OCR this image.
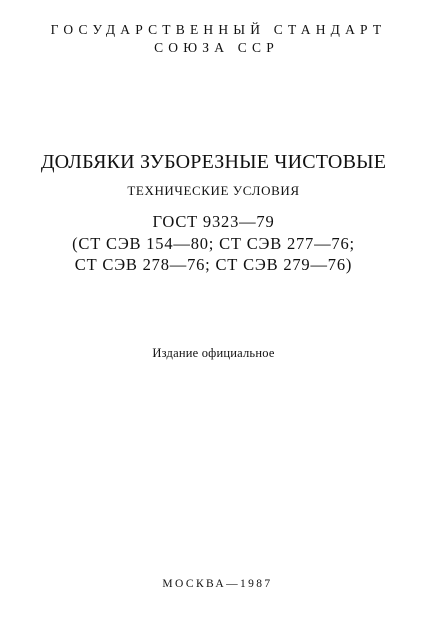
ГОСУДАРСТВЕННЫЙ СТАНДАРТ
СОЮЗА ССР
ДОЛБЯКИ ЗУБОРЕЗНЫЕ ЧИСТОВЫЕ
ТЕХНИЧЕСКИЕ УСЛОВИЯ
ГОСТ 9323—79
(СТ СЭВ 154—80; СТ СЭВ 277—76;
СТ СЭВ 278—76; СТ СЭВ 279—76)
Издание официальное
МОСКВА—1987
